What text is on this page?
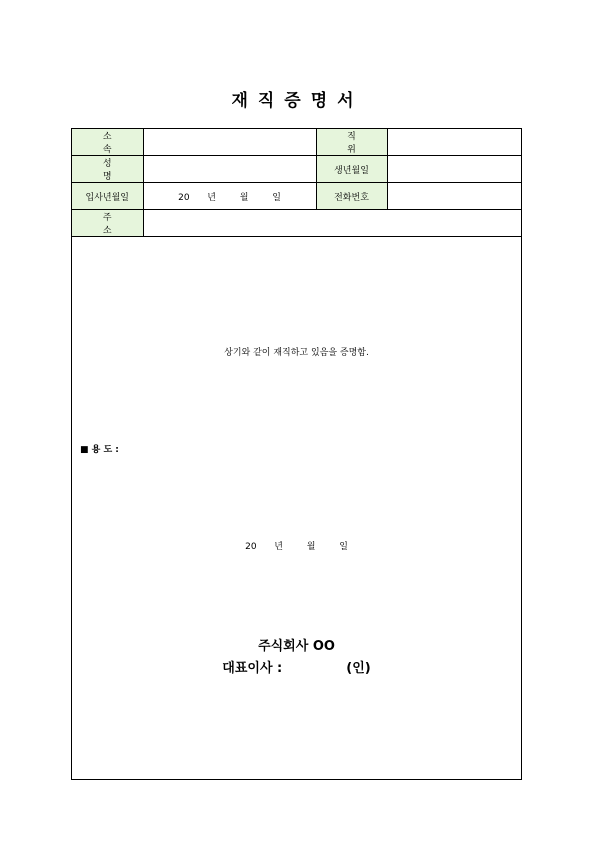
재직증명서
소 속		직 위	
성 명		생년월일	
입사년월일	20 년 월 일	전화번호	
주 소			
상기와 같이 재직하고 있음을 증명함.
■ 용 도 :
20 년	월	일
주식회사 OO
대표이사 :	(인)
